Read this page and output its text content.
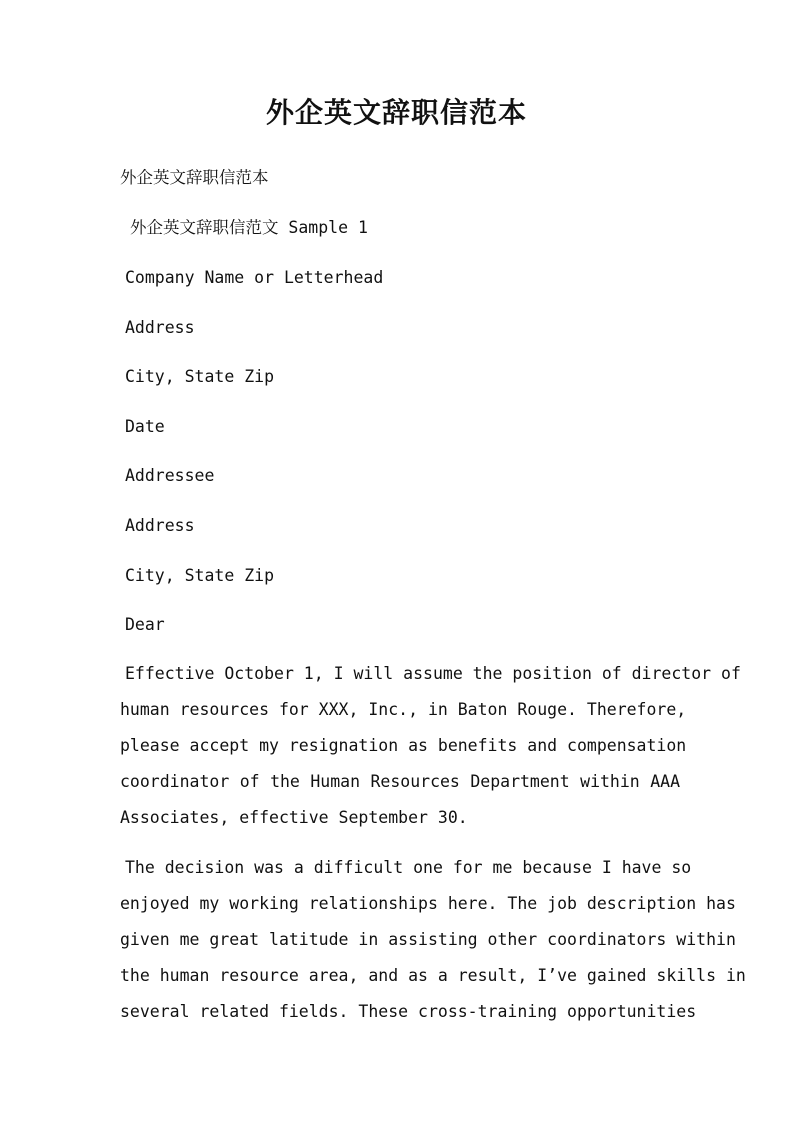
外企英文辞职信范本
外企英文辞职信范本
外企英文辞职信范文 Sample 1
Company Name or Letterhead
Address
City, State Zip
Date
Addressee
Address
City, State Zip
Dear
Effective October 1, I will assume the position of director of
human resources for XXX, Inc., in Baton Rouge. Therefore,
please accept my resignation as benefits and compensation
coordinator of the Human Resources Department within AAA
Associates, effective September 30.
The decision was a difficult one for me because I have so
enjoyed my working relationships here. The job description has
given me great latitude in assisting other coordinators within
the human resource area, and as a result, I’ve gained skills in
several related fields. These cross-training opportunities
